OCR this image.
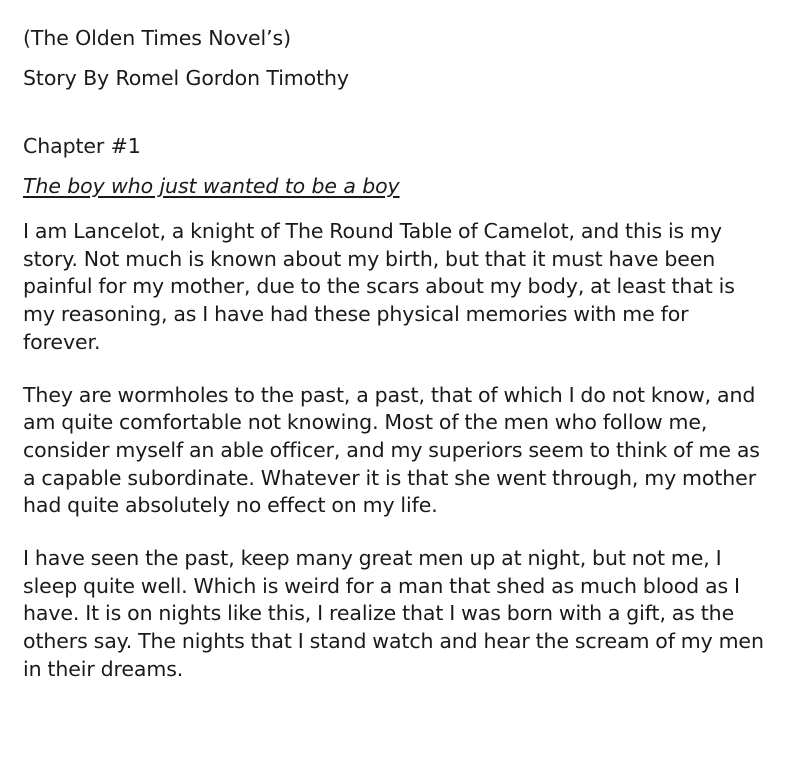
(The Olden Times Novel’s)

Story By Romel Gordon Timothy

Chapter #1

The boy who just wanted to be a boy

I am Lancelot, a knight of The Round Table of Camelot, and this is my story. Not much is known about my birth, but that it must have been painful for my mother, due to the scars about my body, at least that is my reasoning, as I have had these physical memories with me for forever.

They are wormholes to the past, a past, that of which I do not know, and am quite comfortable not knowing. Most of the men who follow me, consider myself an able officer, and my superiors seem to think of me as a capable subordinate. Whatever it is that she went through, my mother had quite absolutely no effect on my life.

I have seen the past, keep many great men up at night, but not me, I sleep quite well. Which is weird for a man that shed as much blood as I have. It is on nights like this, I realize that I was born with a gift, as the others say. The nights that I stand watch and hear the scream of my men in their dreams.
